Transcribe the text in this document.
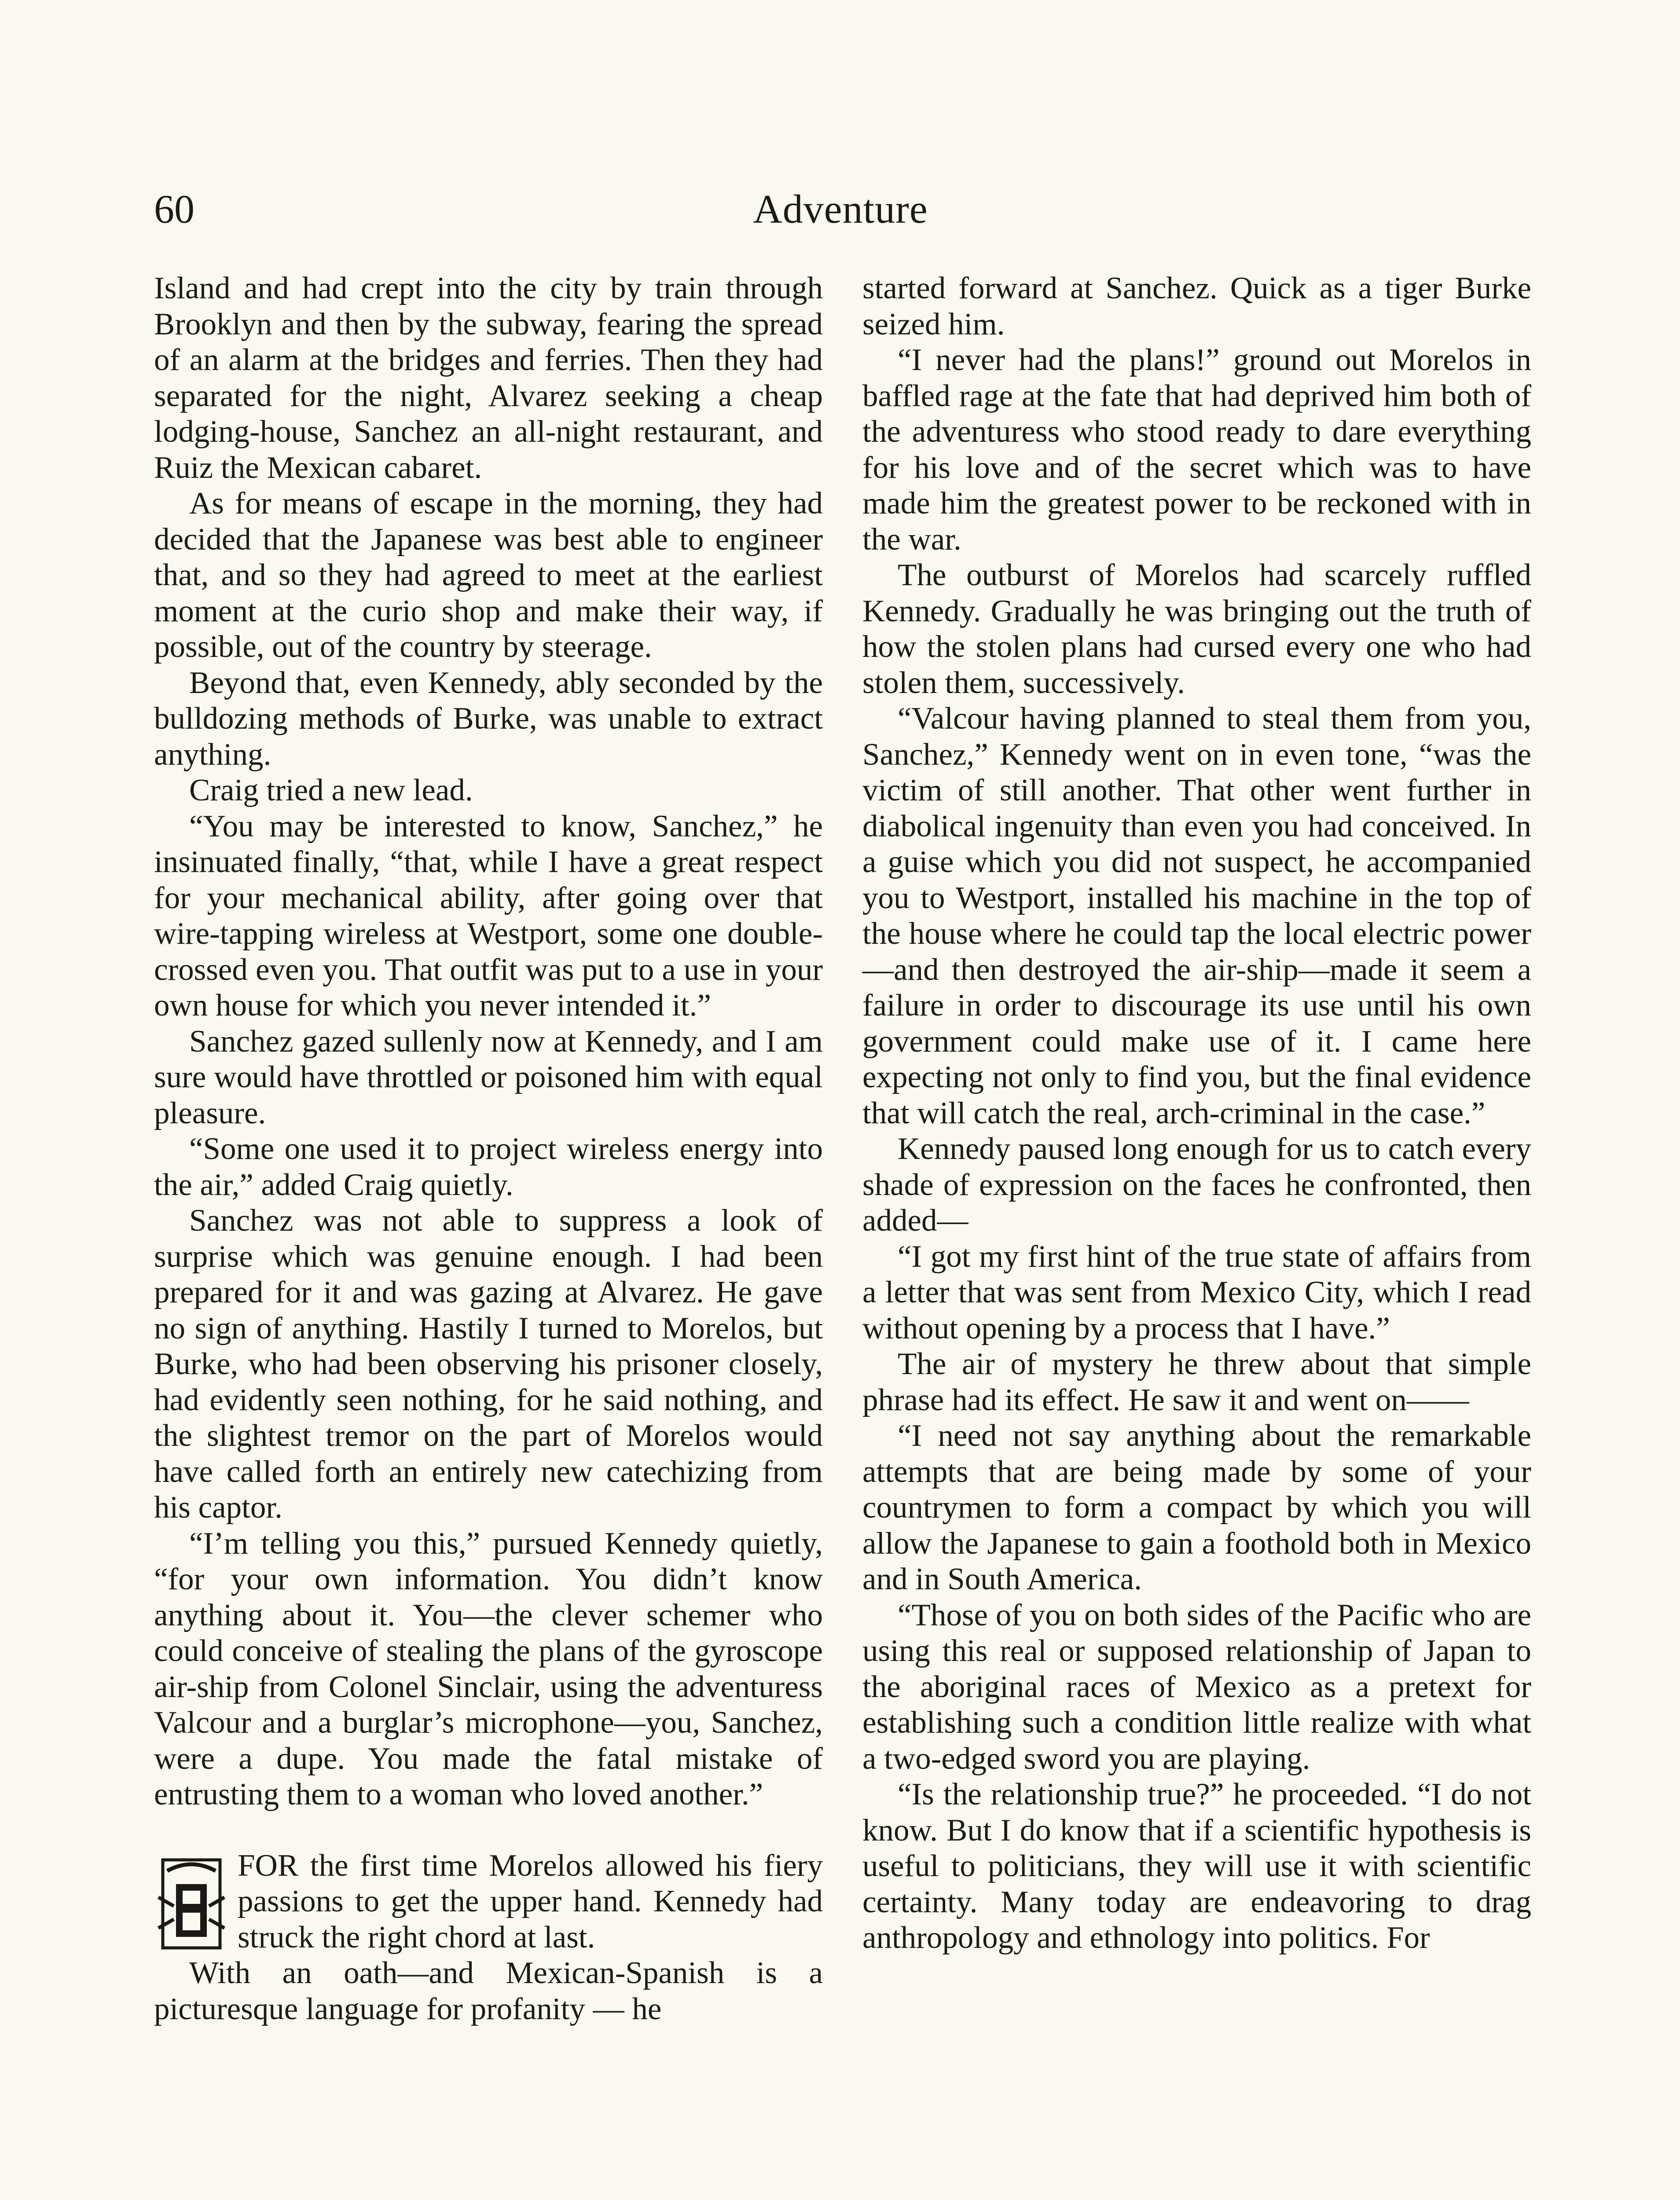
60	Adventure

Island and had crept into the city by train through Brooklyn and then by the subway, fearing the spread of an alarm at the bridges and ferries. Then they had separated for the night, Alvarez seeking a cheap lodging-house, Sanchez an all-night restaurant, and Ruiz the Mexican cabaret.

As for means of escape in the morning, they had decided that the Japanese was best able to engineer that, and so they had agreed to meet at the earliest moment at the curio shop and make their way, if possible, out of the country by steerage.

Beyond that, even Kennedy, ably seconded by the bulldozing methods of Burke, was unable to extract anything.

Craig tried a new lead.

“You may be interested to know, Sanchez,” he insinuated finally, “that, while I have a great respect for your mechanical ability, after going over that wire-tapping wireless at Westport, some one double-crossed even you. That outfit was put to a use in your own house for which you never intended it.”

Sanchez gazed sullenly now at Kennedy, and I am sure would have throttled or poisoned him with equal pleasure.

“Some one used it to project wireless energy into the air,” added Craig quietly.

Sanchez was not able to suppress a look of surprise which was genuine enough. I had been prepared for it and was gazing at Alvarez. He gave no sign of anything. Hastily I turned to Morelos, but Burke, who had been observing his prisoner closely, had evidently seen nothing, for he said nothing, and the slightest tremor on the part of Morelos would have called forth an entirely new catechizing from his captor.

“I’m telling you this,” pursued Kennedy quietly, “for your own information. You didn’t know anything about it. You—the clever schemer who could conceive of stealing the plans of the gyroscope air-ship from Colonel Sinclair, using the adventuress Valcour and a burglar’s microphone—you, Sanchez, were a dupe. You made the fatal mistake of entrusting them to a woman who loved another.”

FOR the first time Morelos allowed his fiery passions to get the upper hand. Kennedy had struck the right chord at last.

With an oath—and Mexican-Spanish is a picturesque language for profanity — he

started forward at Sanchez. Quick as a tiger Burke seized him.

“I never had the plans!” ground out Morelos in baffled rage at the fate that had deprived him both of the adventuress who stood ready to dare everything for his love and of the secret which was to have made him the greatest power to be reckoned with in the war.

The outburst of Morelos had scarcely ruffled Kennedy. Gradually he was bringing out the truth of how the stolen plans had cursed every one who had stolen them, successively.

“Valcour having planned to steal them from you, Sanchez,” Kennedy went on in even tone, “was the victim of still another. That other went further in diabolical ingenuity than even you had conceived. In a guise which you did not suspect, he accompanied you to Westport, installed his machine in the top of the house where he could tap the local electric power—and then destroyed the air-ship—made it seem a failure in order to discourage its use until his own government could make use of it. I came here expecting not only to find you, but the final evidence that will catch the real, arch-criminal in the case.”

Kennedy paused long enough for us to catch every shade of expression on the faces he confronted, then added—

“I got my first hint of the true state of affairs from a letter that was sent from Mexico City, which I read without opening by a process that I have.”

The air of mystery he threw about that simple phrase had its effect. He saw it and went on——

“I need not say anything about the remarkable attempts that are being made by some of your countrymen to form a compact by which you will allow the Japanese to gain a foothold both in Mexico and in South America.

“Those of you on both sides of the Pacific who are using this real or supposed relationship of Japan to the aboriginal races of Mexico as a pretext for establishing such a condition little realize with what a two-edged sword you are playing.

“Is the relationship true?” he proceeded. “I do not know. But I do know that if a scientific hypothesis is useful to politicians, they will use it with scientific certainty. Many today are endeavoring to drag anthropology and ethnology into politics. For
